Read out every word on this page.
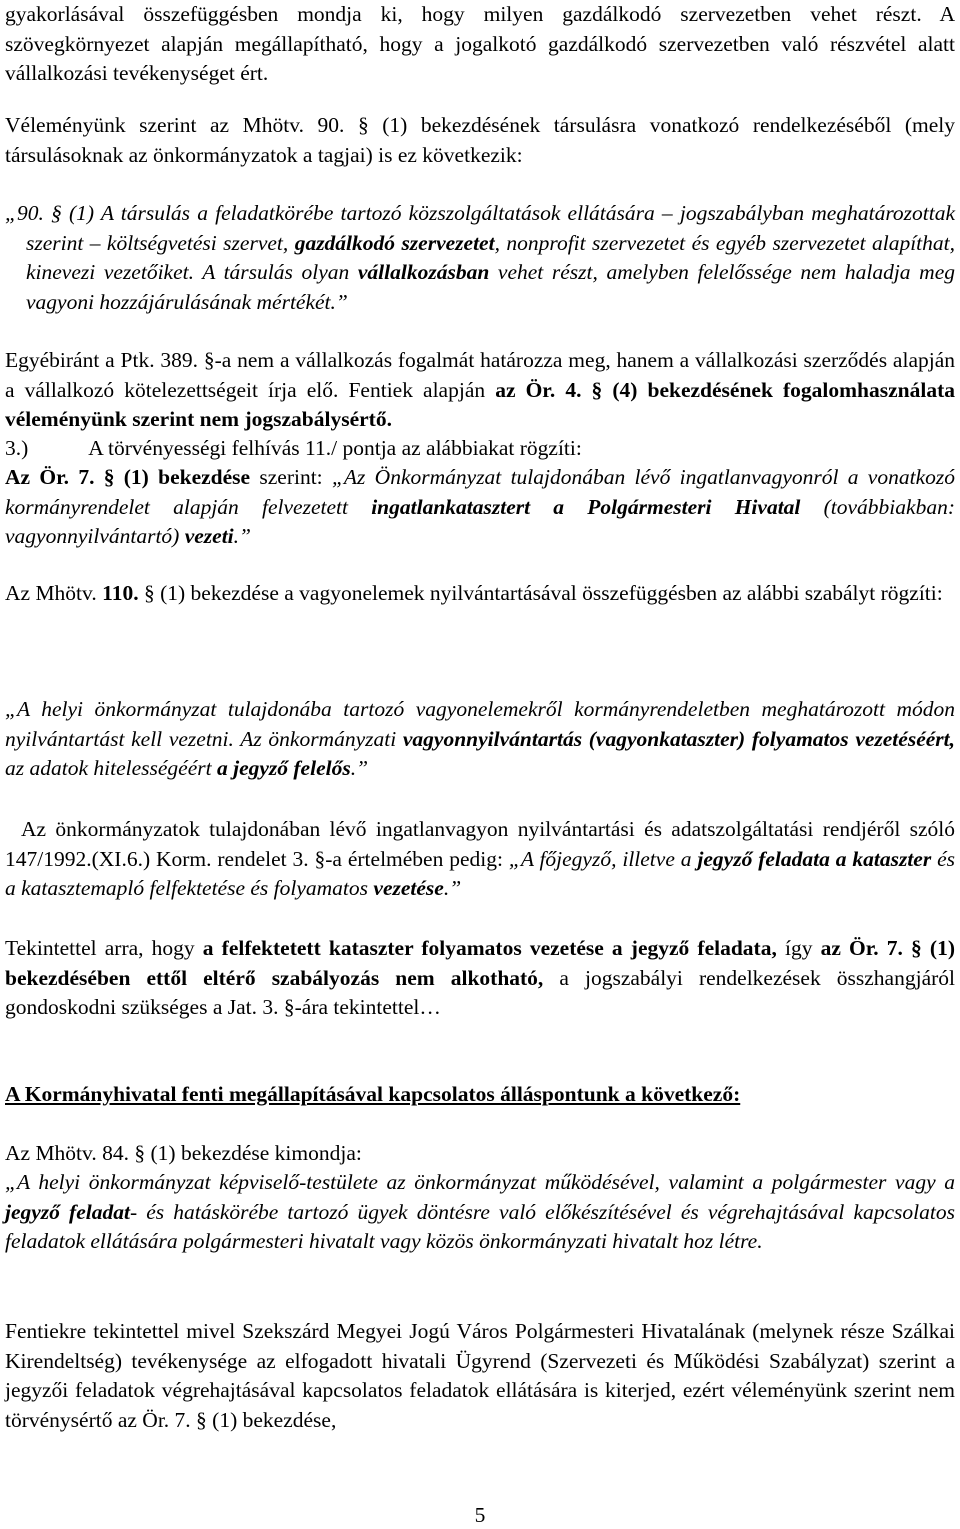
gyakorlásával összefüggésben mondja ki, hogy milyen gazdálkodó szervezetben vehet részt. A szövegkörnyezet alapján megállapítható, hogy a jogalkotó gazdálkodó szervezetben való részvétel alatt vállalkozási tevékenységet ért.

Véleményünk szerint az Mhötv. 90. § (1) bekezdésének társulásra vonatkozó rendelkezéséből (mely társulásoknak az önkormányzatok a tagjai) is ez következik:

„90. § (1) A társulás a feladatkörébe tartozó közszolgáltatások ellátására – jogszabályban meghatározottak szerint – költségvetési szervet, gazdálkodó szervezetet, nonprofit szervezetet és egyéb szervezetet alapíthat, kinevezi vezetőiket. A társulás olyan vállalkozásban vehet részt, amelyben felelőssége nem haladja meg vagyoni hozzájárulásának mértékét.”

Egyébiránt a Ptk. 389. §-a nem a vállalkozás fogalmát határozza meg, hanem a vállalkozási szerződés alapján a vállalkozó kötelezettségeit írja elő. Fentiek alapján az Ör. 4. § (4) bekezdésének fogalomhasználata véleményünk szerint nem jogszabálysértő.

3.)	A törvényességi felhívás 11./ pontja az alábbiakat rögzíti:

Az Ör. 7. § (1) bekezdése szerint: „Az Önkormányzat tulajdonában lévő ingatlanvagyonról a vonatkozó kormányrendelet alapján felvezetett ingatlankatasztert a Polgármesteri Hivatal (továbbiakban: vagyonnyilvántartó) vezeti.”

Az Mhötv. 110. § (1) bekezdése a vagyonelemek nyilvántartásával összefüggésben az alábbi szabályt rögzíti:

„A helyi önkormányzat tulajdonába tartozó vagyonelemekről kormányrendeletben meghatározott módon nyilvántartást kell vezetni. Az önkormányzati vagyonnyilvántartás (vagyonkataszter) folyamatos vezetéséért, az adatok hitelességéért a jegyző felelős.”

Az önkormányzatok tulajdonában lévő ingatlanvagyon nyilvántartási és adatszolgáltatási rendjéről szóló 147/1992.(XI.6.) Korm. rendelet 3. §-a értelmében pedig: „A főjegyző, illetve a jegyző feladata a kataszter és a katasztemapló felfektetése és folyamatos vezetése.”

Tekintettel arra, hogy a felfektetett kataszter folyamatos vezetése a jegyző feladata, így az Ör. 7. § (1) bekezdésében ettől eltérő szabályozás nem alkotható, a jogszabályi rendelkezések összhangjáról gondoskodni szükséges a Jat. 3. §-ára tekintettel…

A Kormányhivatal fenti megállapításával kapcsolatos álláspontunk a következő:

Az Mhötv. 84. § (1) bekezdése kimondja:

„A helyi önkormányzat képviselő-testülete az önkormányzat működésével, valamint a polgármester vagy a jegyző feladat- és hatáskörébe tartozó ügyek döntésre való előkészítésével és végrehajtásával kapcsolatos feladatok ellátására polgármesteri hivatalt vagy közös önkormányzati hivatalt hoz létre.

Fentiekre tekintettel mivel Szekszárd Megyei Jogú Város Polgármesteri Hivatalának (melynek része Szálkai Kirendeltség) tevékenysége az elfogadott hivatali Ügyrend (Szervezeti és Működési Szabályzat) szerint a jegyzői feladatok végrehajtásával kapcsolatos feladatok ellátására is kiterjed, ezért véleményünk szerint nem törvénysértő az Ör. 7. § (1) bekezdése,

5
